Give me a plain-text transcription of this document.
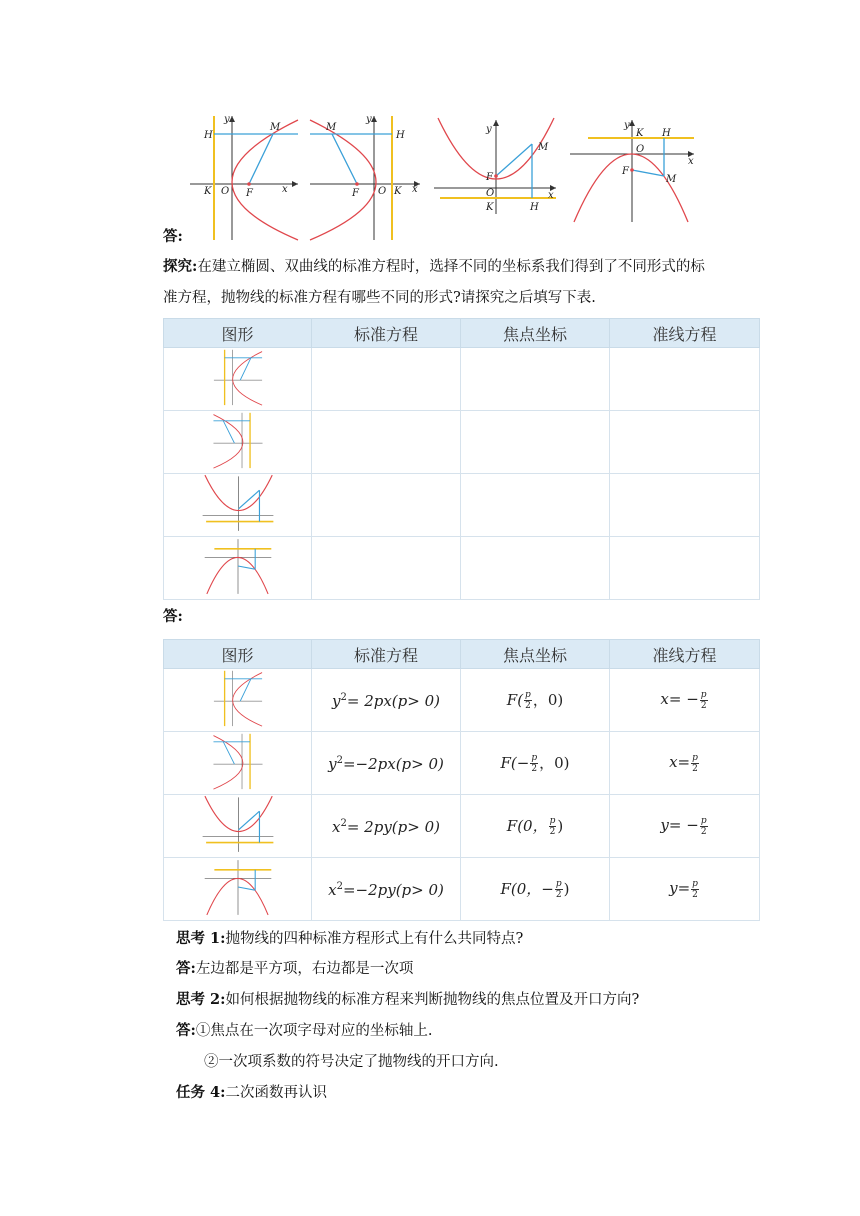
y
x
M
H
K O F
y
x
M
H
K
O
F
y
x
M
F
O
K	H
y
x
K H
O
F
M
答:
探究:在建立椭圆、双曲线的标准方程时，选择不同的坐标系我们得到了不同形式的标
准方程，抛物线的标准方程有哪些不同的形式?请探究之后填写下表.
图形	标准方程	焦点坐标	准线方程

答:
图形	标准方程	焦点坐标	准线方程
	$y^2= 2px(p> 0)$	$F( \frac{p}{2}$ ，0)	$x= - \frac{p}{2}$

	$y^2=-2px(p> 0)$	$F(- \frac{p}{2}$ ，0)	$x= \frac{p}{2}$

	$x^2= 2py(p> 0)$	F(0， $\frac{p}{2}$ )	$y= - \frac{p}{2}$

	$x^2=-2py(p> 0)$	F(0，− $\frac{p}{2}$ )	$y= \frac{p}{2}$
思考 1:抛物线的四种标准方程形式上有什么共同特点?
答:左边都是平方项，右边都是一次项
思考 2:如何根据抛物线的标准方程来判断抛物线的焦点位置及开口方向?
答:①焦点在一次项字母对应的坐标轴上.
②一次项系数的符号决定了抛物线的开口方向.
任务 4:二次函数再认识
